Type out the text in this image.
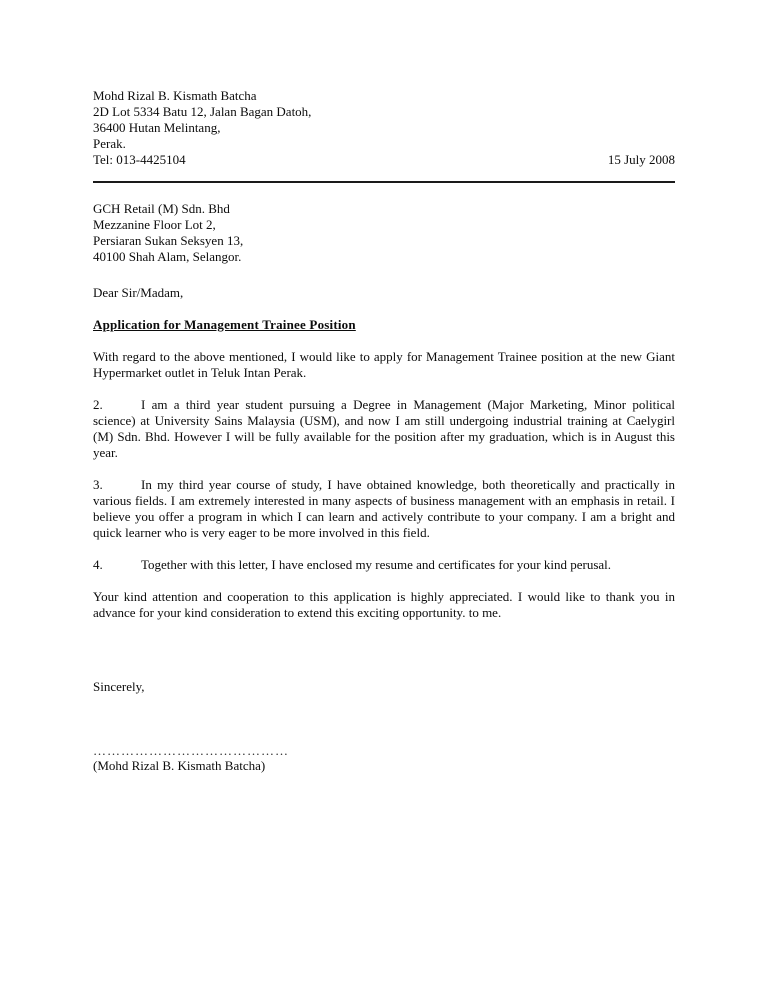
Mohd Rizal B. Kismath Batcha
2D Lot 5334 Batu 12, Jalan Bagan Datoh,
36400 Hutan Melintang,
Perak.
Tel: 013-4425104	15 July 2008
GCH Retail (M) Sdn. Bhd
Mezzanine Floor Lot 2,
Persiaran Sukan Seksyen 13,
40100 Shah Alam, Selangor.

Dear Sir/Madam,

Application for Management Trainee Position

With regard to the above mentioned, I would like to apply for Management Trainee position at the new Giant Hypermarket outlet in Teluk Intan Perak.

2.	I am a third year student pursuing a Degree in Management (Major Marketing, Minor political science) at University Sains Malaysia (USM), and now I am still undergoing industrial training at Caelygirl (M) Sdn. Bhd. However I will be fully available for the position after my graduation, which is in August this year.

3.	In my third year course of study, I have obtained knowledge, both theoretically and practically in various fields. I am extremely interested in many aspects of business management with an emphasis in retail. I believe you offer a program in which I can learn and actively contribute to your company. I am a bright and quick learner who is very eager to be more involved in this field.

4.	Together with this letter, I have enclosed my resume and certificates for your kind perusal.

Your kind attention and cooperation to this application is highly appreciated. I would like to thank you in advance for your kind consideration to extend this exciting opportunity. to me.

Sincerely,

……………………………………
(Mohd Rizal B. Kismath Batcha)
